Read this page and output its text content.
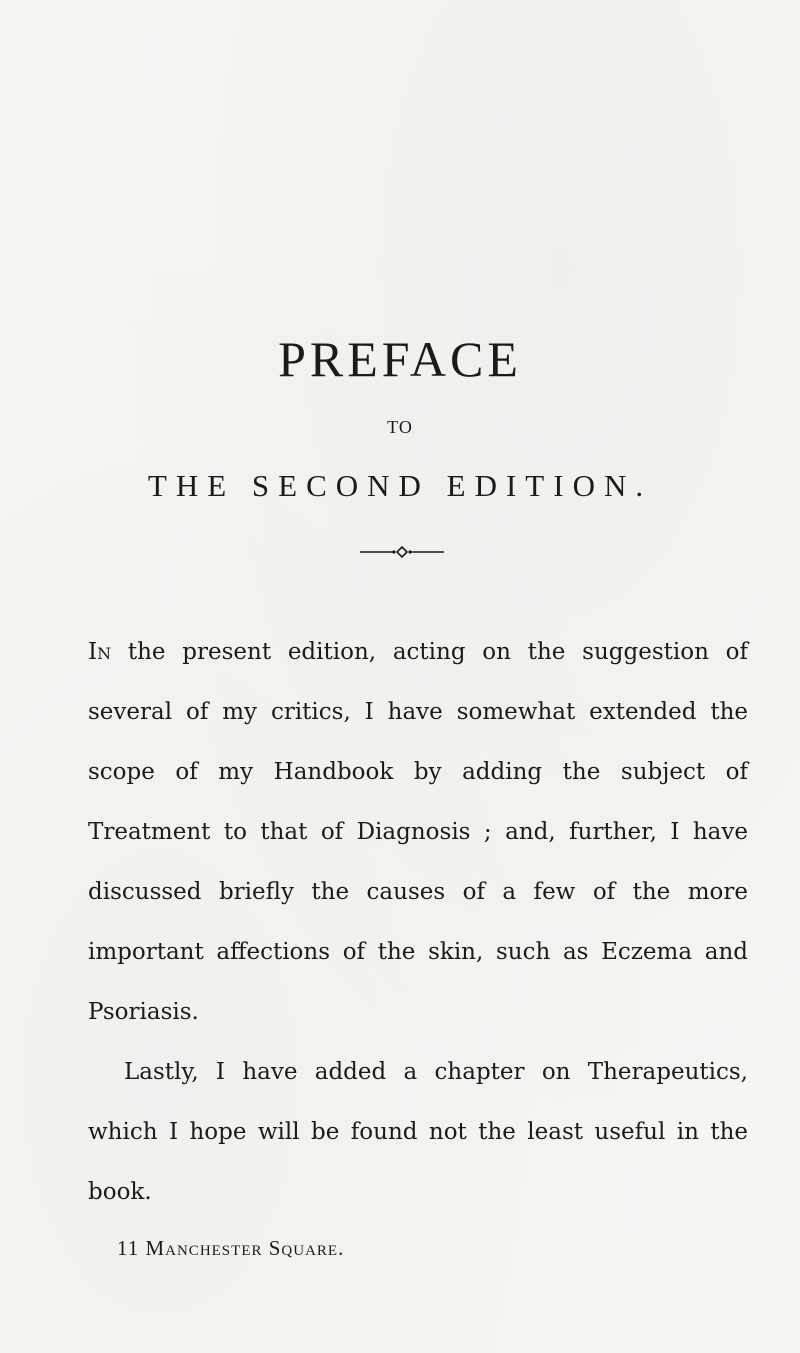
PREFACE
TO
THE SECOND EDITION.

In the present edition, acting on the suggestion of several of my critics, I have somewhat extended the scope of my Handbook by adding the subject of Treatment to that of Diagnosis ; and, further, I have discussed briefly the causes of a few of the more important affections of the skin, such as Eczema and Psoriasis.

Lastly, I have added a chapter on Therapeutics, which I hope will be found not the least useful in the book.

11 Manchester Square.
